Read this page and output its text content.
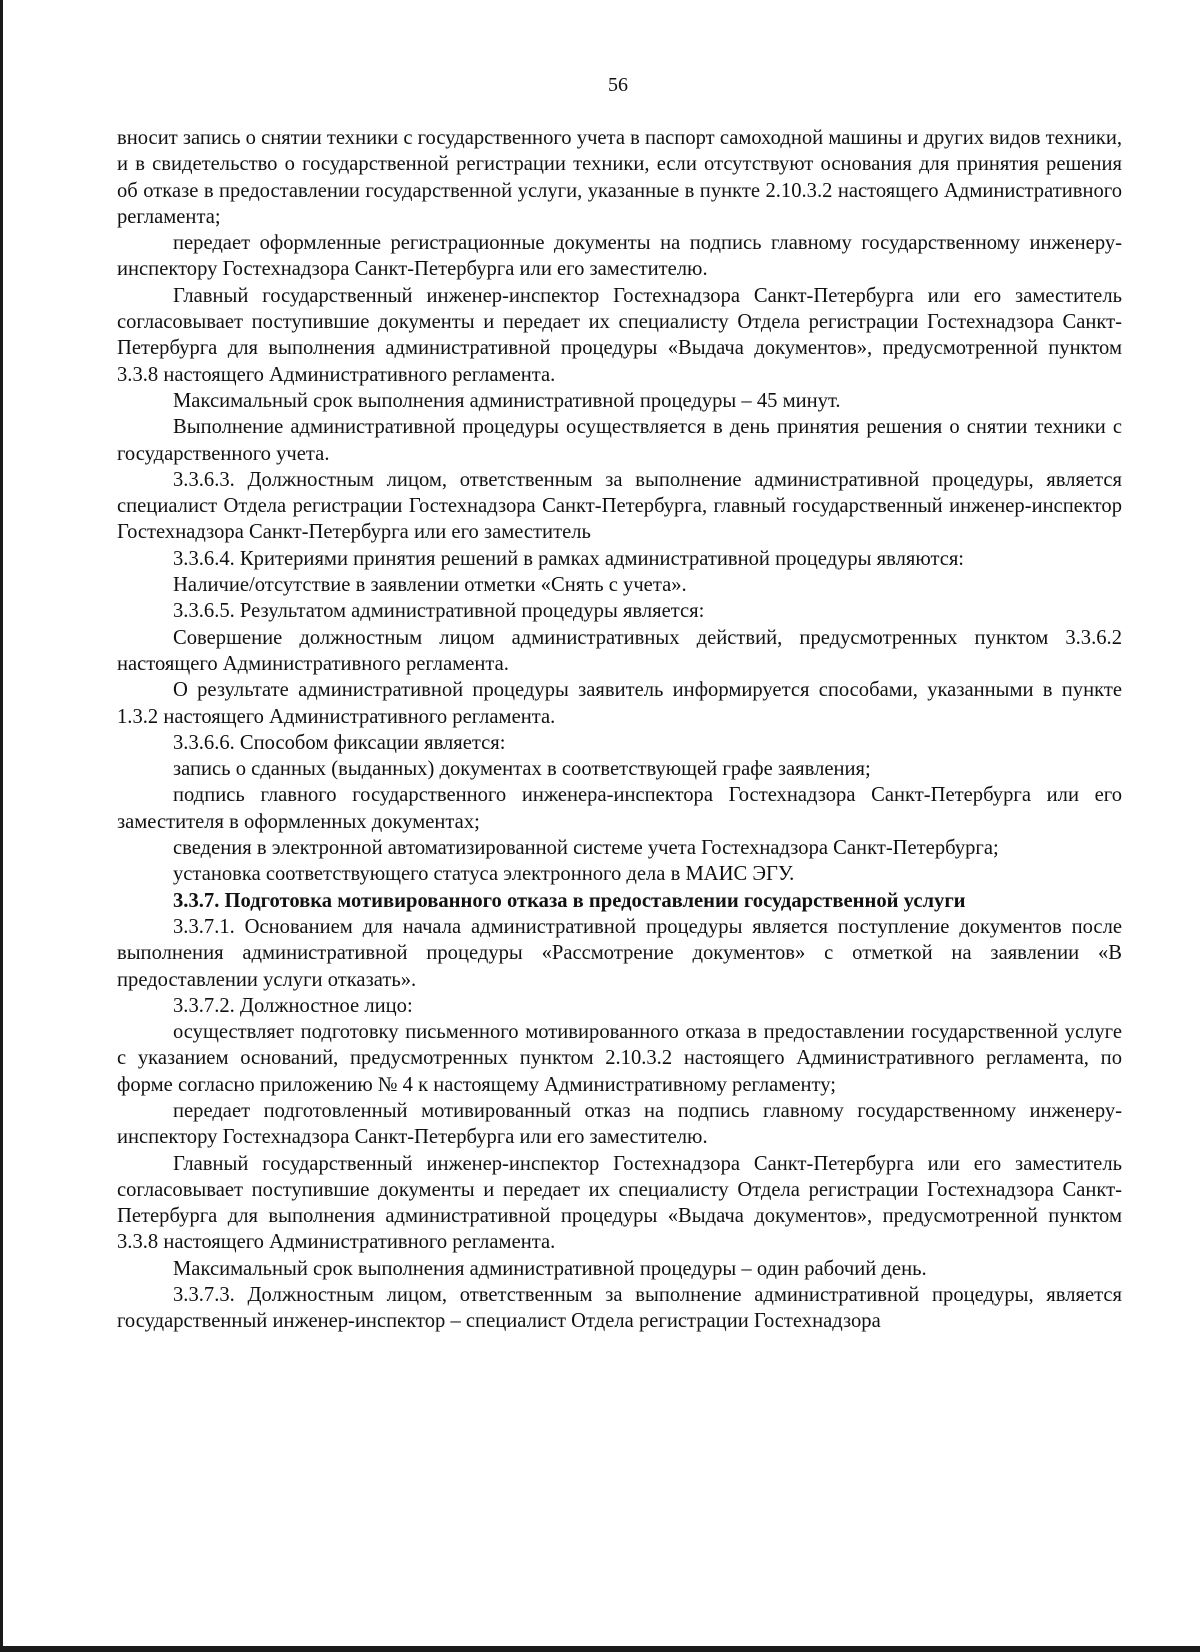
56

вносит запись о снятии техники с государственного учета в паспорт самоходной машины и других видов техники, и в свидетельство о государственной регистрации техники, если отсутствуют основания для принятия решения об отказе в предоставлении государственной услуги, указанные в пункте 2.10.3.2 настоящего Административного регламента;

передает оформленные регистрационные документы на подпись главному государственному инженеру-инспектору Гостехнадзора Санкт-Петербурга или его заместителю.

Главный государственный инженер-инспектор Гостехнадзора Санкт-Петербурга или его заместитель согласовывает поступившие документы и передает их специалисту Отдела регистрации Гостехнадзора Санкт-Петербурга для выполнения административной процедуры «Выдача документов», предусмотренной пунктом 3.3.8 настоящего Административного регламента.

Максимальный срок выполнения административной процедуры – 45 минут.

Выполнение административной процедуры осуществляется в день принятия решения о снятии техники с государственного учета.

3.3.6.3. Должностным лицом, ответственным за выполнение административной процедуры, является специалист Отдела регистрации Гостехнадзора Санкт-Петербурга, главный государственный инженер-инспектор Гостехнадзора Санкт-Петербурга или его заместитель

3.3.6.4. Критериями принятия решений в рамках административной процедуры являются:

Наличие/отсутствие в заявлении отметки «Снять с учета».

3.3.6.5. Результатом административной процедуры является:

Совершение должностным лицом административных действий, предусмотренных пунктом 3.3.6.2 настоящего Административного регламента.

О результате административной процедуры заявитель информируется способами, указанными в пункте 1.3.2 настоящего Административного регламента.

3.3.6.6. Способом фиксации является:

запись о сданных (выданных) документах в соответствующей графе заявления;

подпись главного государственного инженера-инспектора Гостехнадзора Санкт-Петербурга или его заместителя в оформленных документах;

сведения в электронной автоматизированной системе учета Гостехнадзора Санкт-Петербурга;

установка соответствующего статуса электронного дела в МАИС ЭГУ.

3.3.7. Подготовка мотивированного отказа в предоставлении государственной услуги

3.3.7.1. Основанием для начала административной процедуры является поступление документов после выполнения административной процедуры «Рассмотрение документов» с отметкой на заявлении «В предоставлении услуги отказать».

3.3.7.2. Должностное лицо:

осуществляет подготовку письменного мотивированного отказа в предоставлении государственной услуге с указанием оснований, предусмотренных пунктом 2.10.3.2 настоящего Административного регламента, по форме согласно приложению № 4 к настоящему Административному регламенту;

передает подготовленный мотивированный отказ на подпись главному государственному инженеру-инспектору Гостехнадзора Санкт-Петербурга или его заместителю.

Главный государственный инженер-инспектор Гостехнадзора Санкт-Петербурга или его заместитель согласовывает поступившие документы и передает их специалисту Отдела регистрации Гостехнадзора Санкт-Петербурга для выполнения административной процедуры «Выдача документов», предусмотренной пунктом 3.3.8 настоящего Административного регламента.

Максимальный срок выполнения административной процедуры – один рабочий день.

3.3.7.3. Должностным лицом, ответственным за выполнение административной процедуры, является государственный инженер-инспектор – специалист Отдела регистрации Гостехнадзора
